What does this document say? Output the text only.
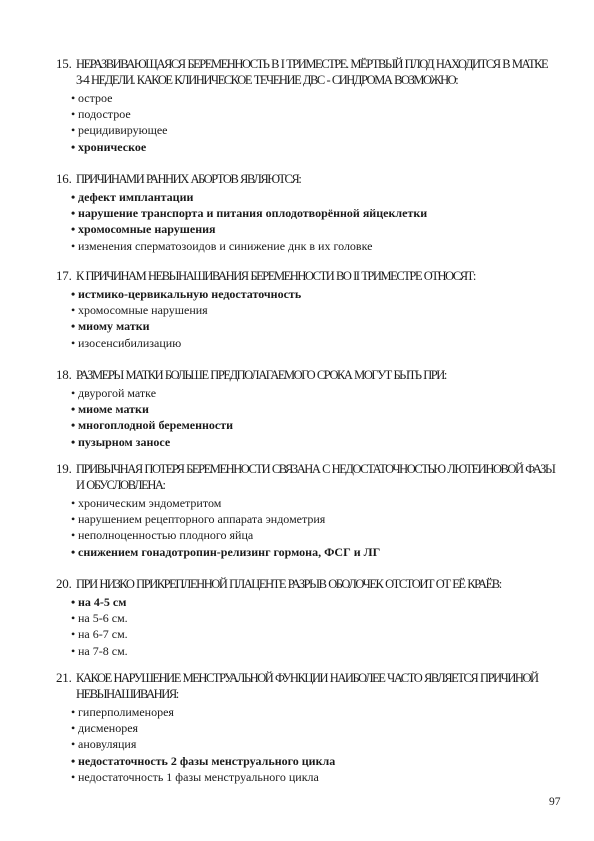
15. НЕРАЗВИВАЮЩАЯСЯ БЕРЕМЕННОСТЬ В I ТРИМЕСТРЕ. МЁРТВЫЙ ПЛОД НАХОДИТСЯ В МАТКЕ 3-4 НЕДЕЛИ. КАКОЕ КЛИНИЧЕСКОЕ ТЕЧЕНИЕ ДВС - СИНДРОМА ВОЗМОЖНО:
• острое
• подострое
• рецидивирующее
• хроническое
16. ПРИЧИНАМИ РАННИХ АБОРТОВ ЯВЛЯЮТСЯ:
• дефект имплантации
• нарушение транспорта и питания оплодотворённой яйцеклетки
• хромосомные нарушения
• изменения сперматозоидов и синижение днк в их головке
17. К ПРИЧИНАМ НЕВЫНАШИВАНИЯ БЕРЕМЕННОСТИ ВО II ТРИМЕСТРЕ ОТНОСЯТ:
• истмико-цервикальную недостаточность
• хромосомные нарушения
• миому матки
• изосенсибилизацию
18. РАЗМЕРЫ МАТКИ БОЛЬШЕ ПРЕДПОЛАГАЕМОГО СРОКА МОГУТ БЫТЬ ПРИ:
• двурогой матке
• миоме матки
• многоплодной беременности
• пузырном заносе
19. ПРИВЫЧНАЯ ПОТЕРЯ БЕРЕМЕННОСТИ СВЯЗАНА С НЕДОСТАТОЧНОСТЬЮ ЛЮТЕИНОВОЙ ФАЗЫ И ОБУСЛОВЛЕНА:
• хроническим эндометритом
• нарушением рецепторного аппарата эндометрия
• неполноценностью плодного яйца
• снижением гонадотропин-релизинг гормона, ФСГ и ЛГ
20. ПРИ НИЗКО ПРИКРЕПЛЕННОЙ ПЛАЦЕНТЕ РАЗРЫВ ОБОЛОЧЕК ОТСТОИТ ОТ ЕЁ КРАЁВ:
• на 4-5 см
• на 5-6 см.
• на 6-7 см.
• на 7-8 см.
21. КАКОЕ НАРУШЕНИЕ МЕНСТРУАЛЬНОЙ ФУНКЦИИ НАИБОЛЕЕ ЧАСТО ЯВЛЯЕТСЯ ПРИЧИНОЙ НЕВЫНАШИВАНИЯ:
• гиперполименорея
• дисменорея
• ановуляция
• недостаточность 2 фазы менструального цикла
• недостаточность 1 фазы менструального цикла
97
